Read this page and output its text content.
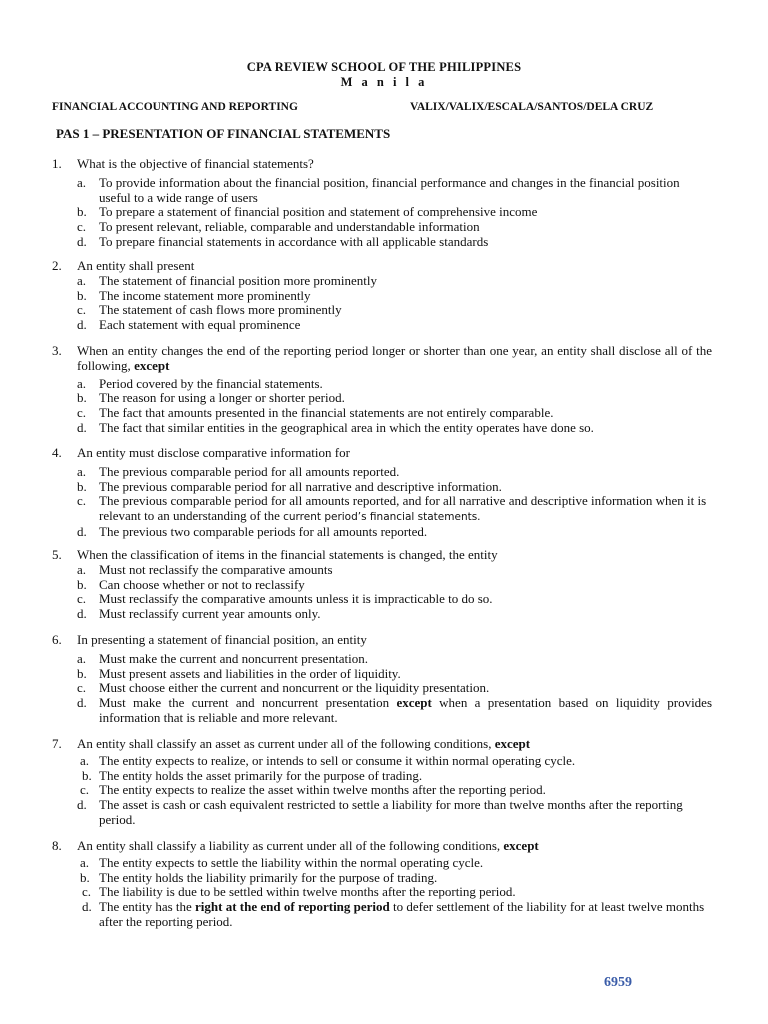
CPA REVIEW SCHOOL OF THE PHILIPPINES
M a n i l a
FINANCIAL ACCOUNTING AND REPORTING	VALIX/VALIX/ESCALA/SANTOS/DELA CRUZ
PAS 1 – PRESENTATION OF FINANCIAL STATEMENTS
1. What is the objective of financial statements?
a. To provide information about the financial position, financial performance and changes in the financial position useful to a wide range of users
b. To prepare a statement of financial position and statement of comprehensive income
c. To present relevant, reliable, comparable and understandable information
d. To prepare financial statements in accordance with all applicable standards
2. An entity shall present
a. The statement of financial position more prominently
b. The income statement more prominently
c. The statement of cash flows more prominently
d. Each statement with equal prominence
3. When an entity changes the end of the reporting period longer or shorter than one year, an entity shall disclose all of the following, except
a. Period covered by the financial statements.
b. The reason for using a longer or shorter period.
c. The fact that amounts presented in the financial statements are not entirely comparable.
d. The fact that similar entities in the geographical area in which the entity operates have done so.
4. An entity must disclose comparative information for
a. The previous comparable period for all amounts reported.
b. The previous comparable period for all narrative and descriptive information.
c. The previous comparable period for all amounts reported, and for all narrative and descriptive information when it is relevant to an understanding of the current period’s financial statements.
d. The previous two comparable periods for all amounts reported.
5. When the classification of items in the financial statements is changed, the entity
a. Must not reclassify the comparative amounts
b. Can choose whether or not to reclassify
c. Must reclassify the comparative amounts unless it is impracticable to do so.
d. Must reclassify current year amounts only.
6. In presenting a statement of financial position, an entity
a. Must make the current and noncurrent presentation.
b. Must present assets and liabilities in the order of liquidity.
c. Must choose either the current and noncurrent or the liquidity presentation.
d. Must make the current and noncurrent presentation except when a presentation based on liquidity provides information that is reliable and more relevant.
7. An entity shall classify an asset as current under all of the following conditions, except
a. The entity expects to realize, or intends to sell or consume it within normal operating cycle.
b. The entity holds the asset primarily for the purpose of trading.
c. The entity expects to realize the asset within twelve months after the reporting period.
d. The asset is cash or cash equivalent restricted to settle a liability for more than twelve months after the reporting period.
8. An entity shall classify a liability as current under all of the following conditions, except
a. The entity expects to settle the liability within the normal operating cycle.
b. The entity holds the liability primarily for the purpose of trading.
c. The liability is due to be settled within twelve months after the reporting period.
d. The entity has the right at the end of reporting period to defer settlement of the liability for at least twelve months after the reporting period.
6959
